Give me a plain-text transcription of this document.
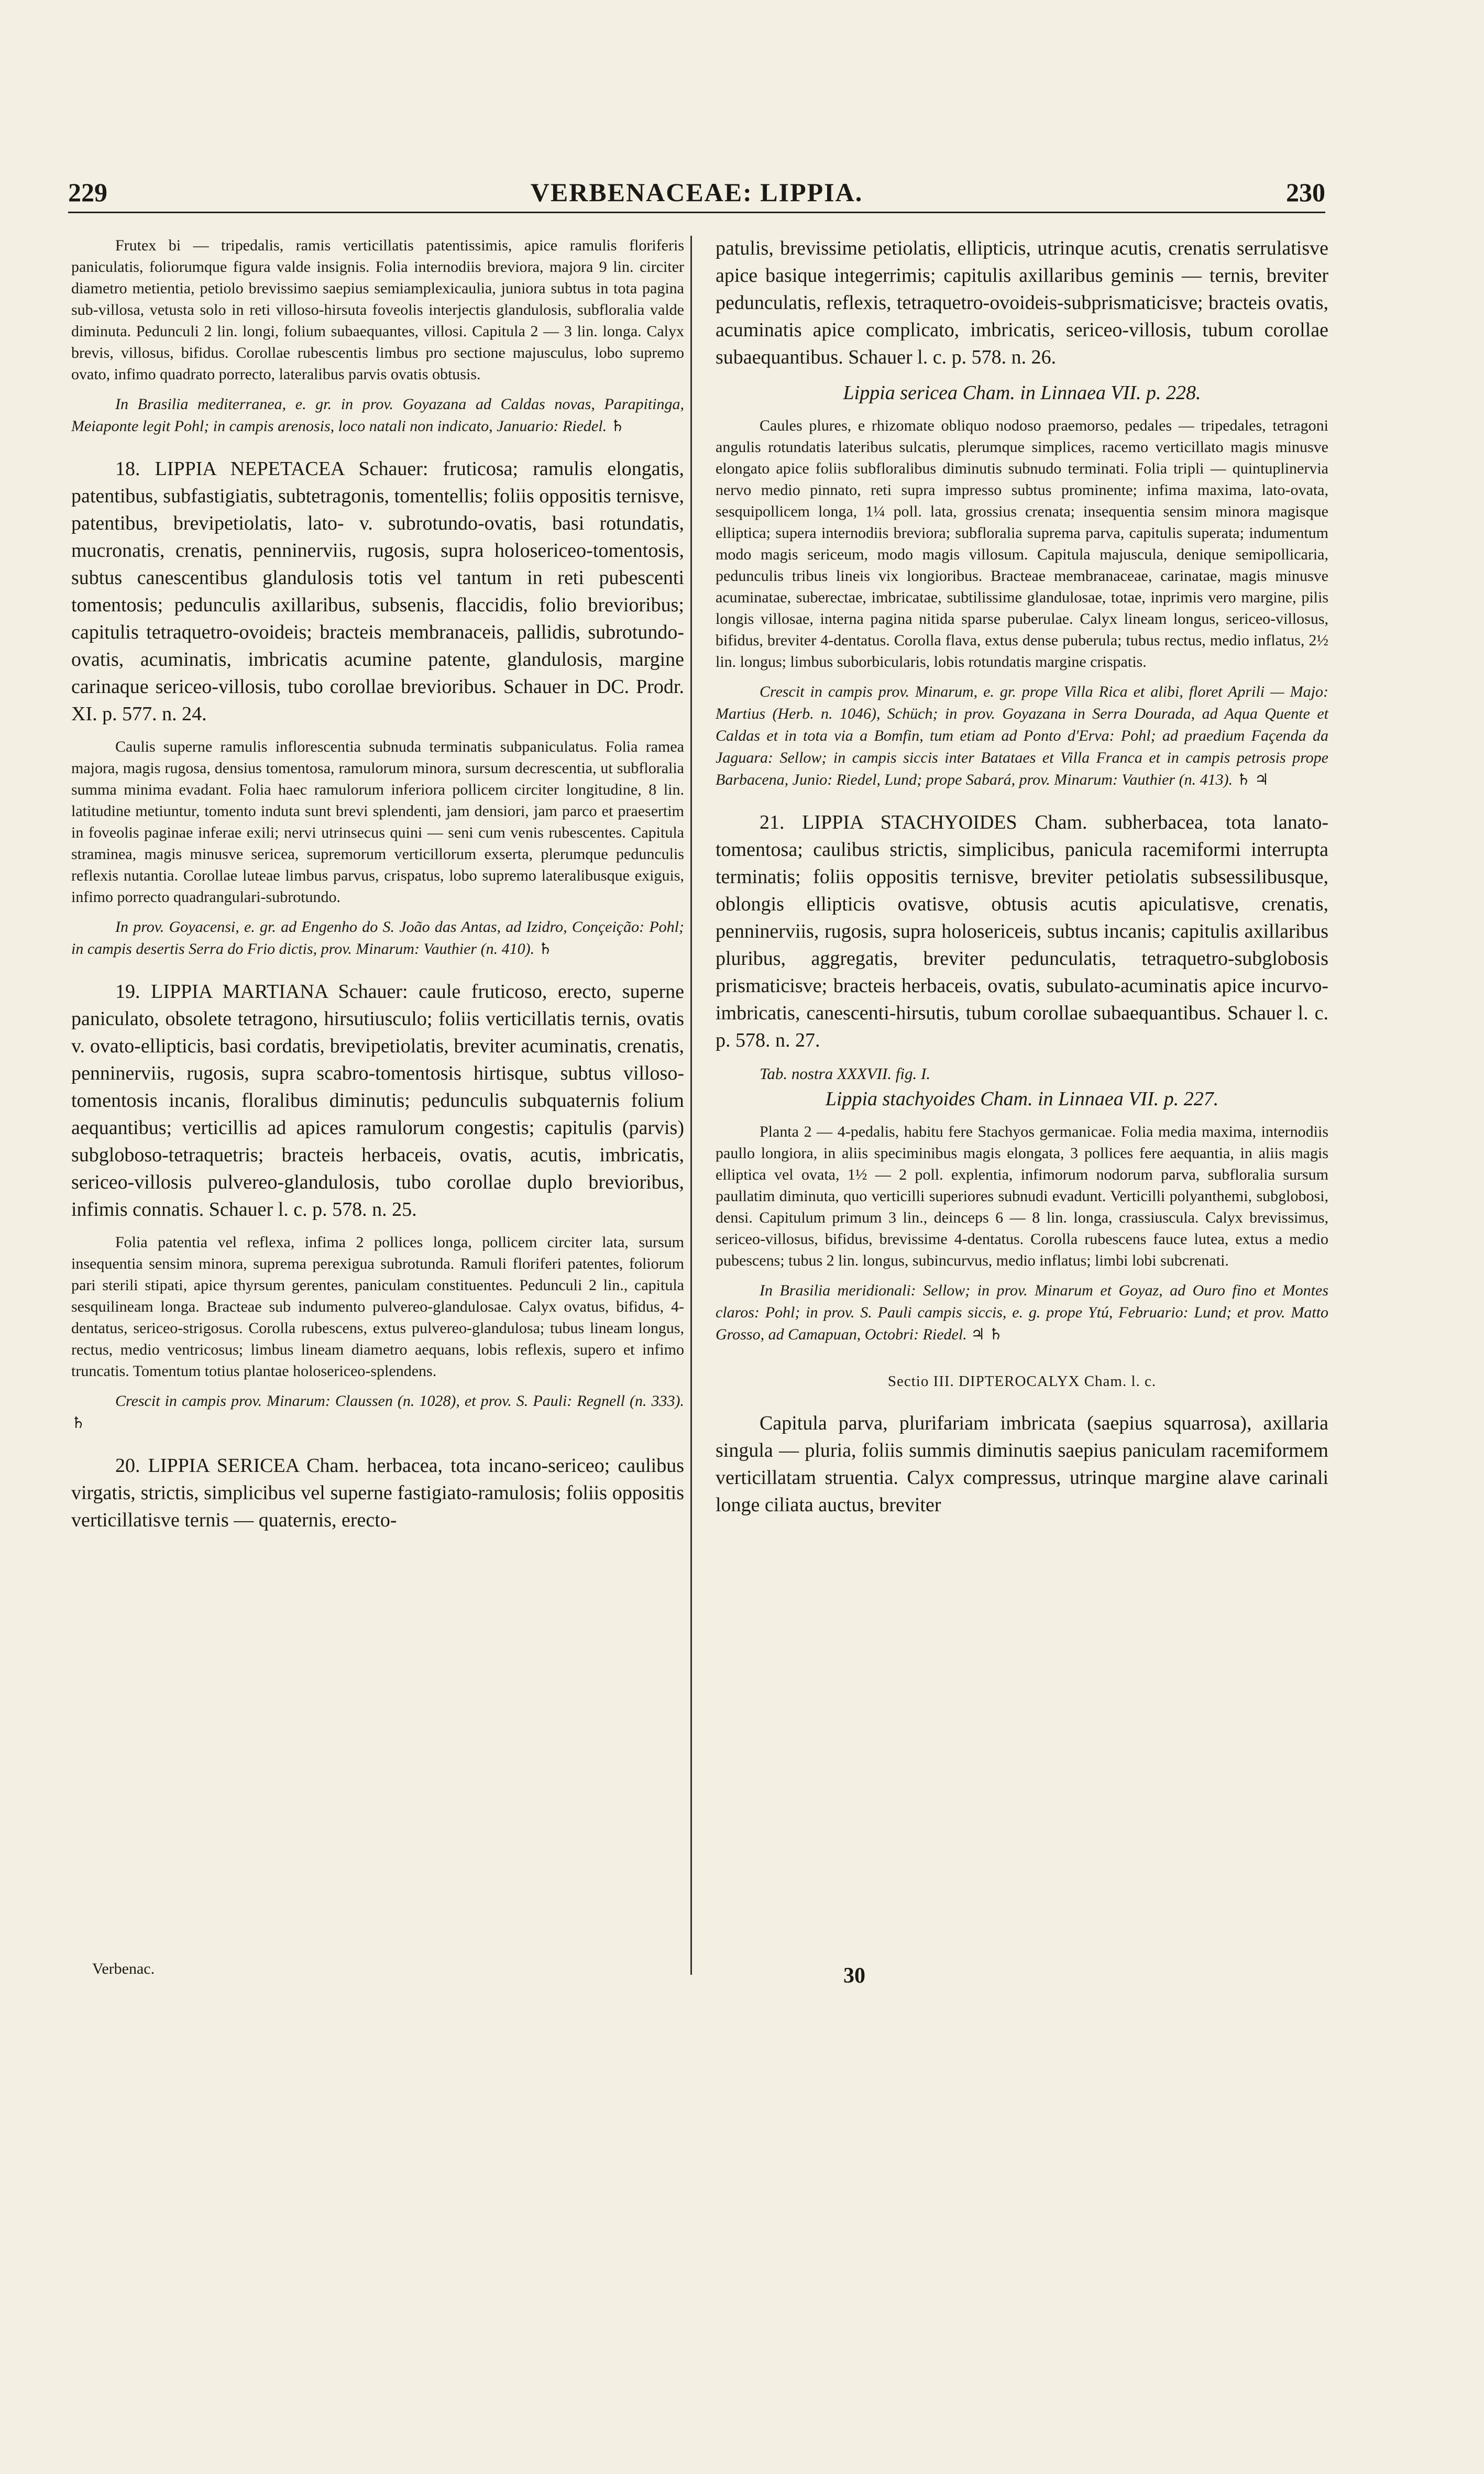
229	VERBENACEAE: LIPPIA.	230

Frutex bi — tripedalis, ramis verticillatis patentissimis, apice ramulis floriferis paniculatis, foliorumque figura valde insignis. Folia internodiis breviora, majora 9 lin. circiter diametro metientia, petiolo brevissimo saepius semiamplexicaulia, juniora subtus in tota pagina sub-villosa, vetusta solo in reti villoso-hirsuta foveolis interjectis glandulosis, subfloralia valde diminuta. Pedunculi 2 lin. longi, folium subaequantes, villosi. Capitula 2 — 3 lin. longa. Calyx brevis, villosus, bifidus. Corollae rubescentis limbus pro sectione majusculus, lobo supremo ovato, infimo quadrato porrecto, lateralibus parvis ovatis obtusis.

In Brasilia mediterranea, e. gr. in prov. Goyazana ad Caldas novas, Parapitinga, Meiaponte legit Pohl; in campis arenosis, loco natali non indicato, Januario: Riedel. ♄

18. LIPPIA NEPETACEA Schauer: fruticosa; ramulis elongatis, patentibus, subfastigiatis, subtetragonis, tomentellis; foliis oppositis ternisve, patentibus, brevipetiolatis, lato- v. subrotundo-ovatis, basi rotundatis, mucronatis, crenatis, penninerviis, rugosis, supra holosericeo-tomentosis, subtus canescentibus glandulosis totis vel tantum in reti pubescenti tomentosis; pedunculis axillaribus, subsenis, flaccidis, folio brevioribus; capitulis tetraquetro-ovoideis; bracteis membranaceis, pallidis, subrotundo-ovatis, acuminatis, imbricatis acumine patente, glandulosis, margine carinaque sericeo-villosis, tubo corollae brevioribus. Schauer in DC. Prodr. XI. p. 577. n. 24.

Caulis superne ramulis inflorescentia subnuda terminatis subpaniculatus. Folia ramea majora, magis rugosa, densius tomentosa, ramulorum minora, sursum decrescentia, ut subfloralia summa minima evadant. Folia haec ramulorum inferiora pollicem circiter longitudine, 8 lin. latitudine metiuntur, tomento induta sunt brevi splendenti, jam densiori, jam parco et praesertim in foveolis paginae inferae exili; nervi utrinsecus quini — seni cum venis rubescentes. Capitula straminea, magis minusve sericea, supremorum verticillorum exserta, plerumque pedunculis reflexis nutantia. Corollae luteae limbus parvus, crispatus, lobo supremo lateralibusque exiguis, infimo porrecto quadrangulari-subrotundo.

In prov. Goyacensi, e. gr. ad Engenho do S. João das Antas, ad Izidro, Conçeição: Pohl; in campis desertis Serra do Frio dictis, prov. Minarum: Vauthier (n. 410). ♄

19. LIPPIA MARTIANA Schauer: caule fruticoso, erecto, superne paniculato, obsolete tetragono, hirsutiusculo; foliis verticillatis ternis, ovatis v. ovato-ellipticis, basi cordatis, brevipetiolatis, breviter acuminatis, crenatis, penninerviis, rugosis, supra scabro-tomentosis hirtisque, subtus villoso-tomentosis incanis, floralibus diminutis; pedunculis subquaternis folium aequantibus; verticillis ad apices ramulorum congestis; capitulis (parvis) subgloboso-tetraquetris; bracteis herbaceis, ovatis, acutis, imbricatis, sericeo-villosis pulvereo-glandulosis, tubo corollae duplo brevioribus, infimis connatis. Schauer l. c. p. 578. n. 25.

Folia patentia vel reflexa, infima 2 pollices longa, pollicem circiter lata, sursum insequentia sensim minora, suprema perexigua subrotunda. Ramuli floriferi patentes, foliorum pari sterili stipati, apice thyrsum gerentes, paniculam constituentes. Pedunculi 2 lin., capitula sesquilineam longa. Bracteae sub indumento pulvereo-glandulosae. Calyx ovatus, bifidus, 4-dentatus, sericeo-strigosus. Corolla rubescens, extus pulvereo-glandulosa; tubus lineam longus, rectus, medio ventricosus; limbus lineam diametro aequans, lobis reflexis, supero et infimo truncatis. Tomentum totius plantae holosericeo-splendens.

Crescit in campis prov. Minarum: Claussen (n. 1028), et prov. S. Pauli: Regnell (n. 333). ♄

20. LIPPIA SERICEA Cham. herbacea, tota incano-sericeo; caulibus virgatis, strictis, simplicibus vel superne fastigiato-ramulosis; foliis oppositis verticillatisve ternis — quaternis, erecto-

Verbenac.

patulis, brevissime petiolatis, ellipticis, utrinque acutis, crenatis serrulatisve apice basique integerrimis; capitulis axillaribus geminis — ternis, breviter pedunculatis, reflexis, tetraquetro-ovoideis-subprismaticisve; bracteis ovatis, acuminatis apice complicato, imbricatis, sericeo-villosis, tubum corollae subaequantibus. Schauer l. c. p. 578. n. 26.

Lippia sericea Cham. in Linnaea VII. p. 228.

Caules plures, e rhizomate obliquo nodoso praemorso, pedales — tripedales, tetragoni angulis rotundatis lateribus sulcatis, plerumque simplices, racemo verticillato magis minusve elongato apice foliis subfloralibus diminutis subnudo terminati. Folia tripli — quintuplinervia nervo medio pinnato, reti supra impresso subtus prominente; infima maxima, lato-ovata, sesquipollicem longa, 1¼ poll. lata, grossius crenata; insequentia sensim minora magisque elliptica; supera internodiis breviora; subfloralia suprema parva, capitulis superata; indumentum modo magis sericeum, modo magis villosum. Capitula majuscula, denique semipollicaria, pedunculis tribus lineis vix longioribus. Bracteae membranaceae, carinatae, magis minusve acuminatae, suberectae, imbricatae, subtilissime glandulosae, totae, inprimis vero margine, pilis longis villosae, interna pagina nitida sparse puberulae. Calyx lineam longus, sericeo-villosus, bifidus, breviter 4-dentatus. Corolla flava, extus dense puberula; tubus rectus, medio inflatus, 2½ lin. longus; limbus suborbicularis, lobis rotundatis margine crispatis.

Crescit in campis prov. Minarum, e. gr. prope Villa Rica et alibi, floret Aprili — Majo: Martius (Herb. n. 1046), Schüch; in prov. Goyazana in Serra Dourada, ad Aqua Quente et Caldas et in tota via a Bomfin, tum etiam ad Ponto d'Erva: Pohl; ad praedium Façenda da Jaguara: Sellow; in campis siccis inter Batataes et Villa Franca et in campis petrosis prope Barbacena, Junio: Riedel, Lund; prope Sabará, prov. Minarum: Vauthier (n. 413). ♄ ♃

21. LIPPIA STACHYOIDES Cham. subherbacea, tota lanato-tomentosa; caulibus strictis, simplicibus, panicula racemiformi interrupta terminatis; foliis oppositis ternisve, breviter petiolatis subsessilibusque, oblongis ellipticis ovatisve, obtusis acutis apiculatisve, crenatis, penninerviis, rugosis, supra holosericeis, subtus incanis; capitulis axillaribus pluribus, aggregatis, breviter pedunculatis, tetraquetro-subglobosis prismaticisve; bracteis herbaceis, ovatis, subulato-acuminatis apice incurvo-imbricatis, canescenti-hirsutis, tubum corollae subaequantibus. Schauer l. c. p. 578. n. 27.

Tab. nostra XXXVII. fig. I.

Lippia stachyoides Cham. in Linnaea VII. p. 227.

Planta 2 — 4-pedalis, habitu fere Stachyos germanicae. Folia media maxima, internodiis paullo longiora, in aliis speciminibus magis elongata, 3 pollices fere aequantia, in aliis magis elliptica vel ovata, 1½ — 2 poll. explentia, infimorum nodorum parva, subfloralia sursum paullatim diminuta, quo verticilli superiores subnudi evadunt. Verticilli polyanthemi, subglobosi, densi. Capitulum primum 3 lin., deinceps 6 — 8 lin. longa, crassiuscula. Calyx brevissimus, sericeo-villosus, bifidus, brevissime 4-dentatus. Corolla rubescens fauce lutea, extus a medio pubescens; tubus 2 lin. longus, subincurvus, medio inflatus; limbi lobi subcrenati.

In Brasilia meridionali: Sellow; in prov. Minarum et Goyaz, ad Ouro fino et Montes claros: Pohl; in prov. S. Pauli campis siccis, e. g. prope Ytú, Februario: Lund; et prov. Matto Grosso, ad Camapuan, Octobri: Riedel. ♃ ♄

Sectio III. DIPTEROCALYX Cham. l. c.

Capitula parva, plurifariam imbricata (saepius squarrosa), axillaria singula — pluria, foliis summis diminutis saepius paniculam racemiformem verticillatam struentia. Calyx compressus, utrinque margine alave carinali longe ciliata auctus, breviter

30
